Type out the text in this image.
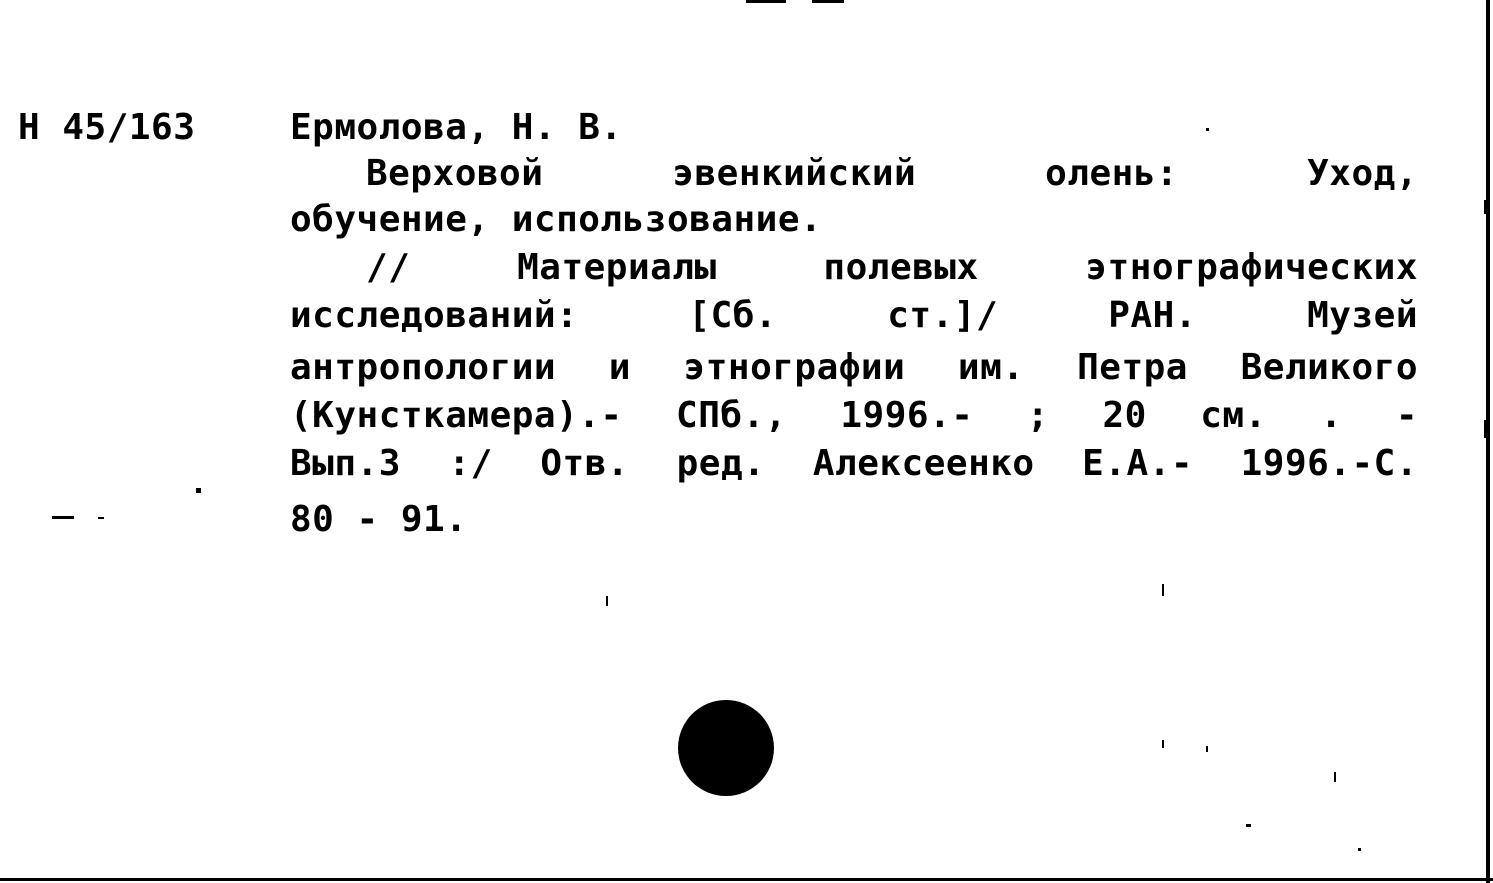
Н 45/163	Ермолова, Н. В.

Верховой эвенкийский олень: Уход,

обучение, использование.

// Материалы полевых этнографических

исследований: [Сб. ст.]/ РАН. Музей

антропологии и этнографии им. Петра Великого

(Кунсткамера).- СПб., 1996.- ; 20 см. . -

Вып.3 :/ Отв. ред. Алексеенко Е.А.- 1996.-С.

80 - 91.
